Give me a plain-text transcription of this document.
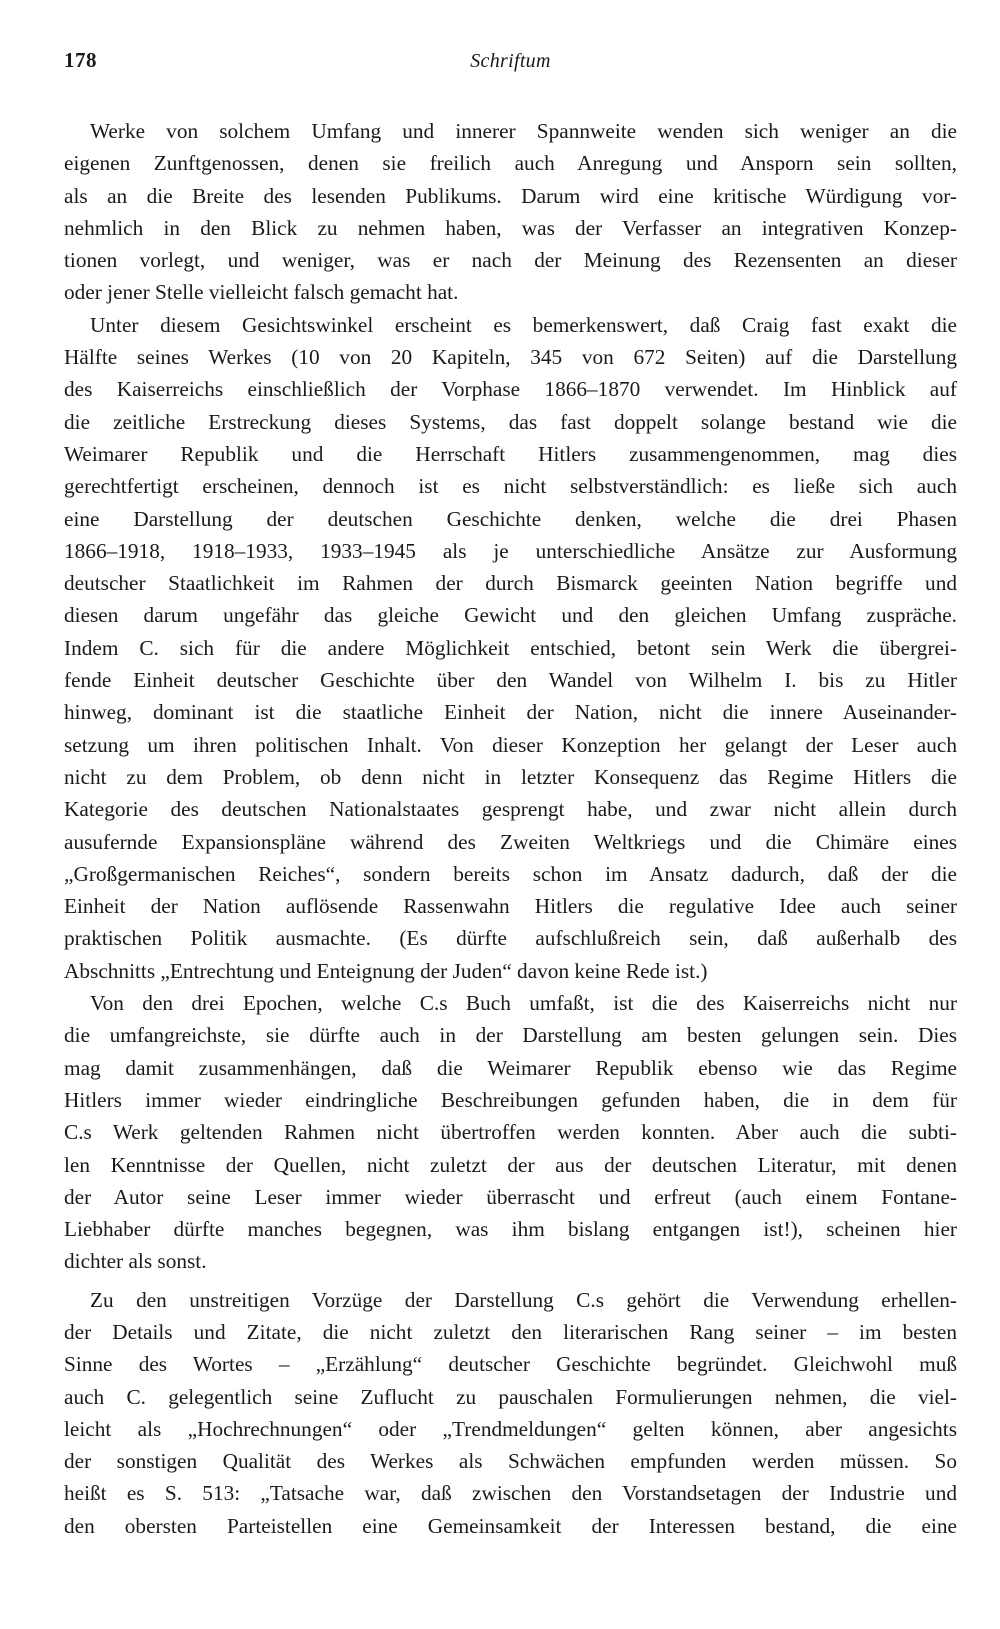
178	Schriftum
Werke von solchem Umfang und innerer Spannweite wenden sich weniger an die
eigenen Zunftgenossen, denen sie freilich auch Anregung und Ansporn sein sollten,
als an die Breite des lesenden Publikums. Darum wird eine kritische Würdigung vor-
nehmlich in den Blick zu nehmen haben, was der Verfasser an integrativen Konzep-
tionen vorlegt, und weniger, was er nach der Meinung des Rezensenten an dieser
oder jener Stelle vielleicht falsch gemacht hat.
Unter diesem Gesichtswinkel erscheint es bemerkenswert, daß Craig fast exakt die
Hälfte seines Werkes (10 von 20 Kapiteln, 345 von 672 Seiten) auf die Darstellung
des Kaiserreichs einschließlich der Vorphase 1866–1870 verwendet. Im Hinblick auf
die zeitliche Erstreckung dieses Systems, das fast doppelt solange bestand wie die
Weimarer Republik und die Herrschaft Hitlers zusammengenommen, mag dies
gerechtfertigt erscheinen, dennoch ist es nicht selbstverständlich: es ließe sich auch
eine Darstellung der deutschen Geschichte denken, welche die drei Phasen
1866–1918, 1918–1933, 1933–1945 als je unterschiedliche Ansätze zur Ausformung
deutscher Staatlichkeit im Rahmen der durch Bismarck geeinten Nation begriffe und
diesen darum ungefähr das gleiche Gewicht und den gleichen Umfang zuspräche.
Indem C. sich für die andere Möglichkeit entschied, betont sein Werk die übergrei-
fende Einheit deutscher Geschichte über den Wandel von Wilhelm I. bis zu Hitler
hinweg, dominant ist die staatliche Einheit der Nation, nicht die innere Auseinander-
setzung um ihren politischen Inhalt. Von dieser Konzeption her gelangt der Leser auch
nicht zu dem Problem, ob denn nicht in letzter Konsequenz das Regime Hitlers die
Kategorie des deutschen Nationalstaates gesprengt habe, und zwar nicht allein durch
ausufernde Expansionspläne während des Zweiten Weltkriegs und die Chimäre eines
„Großgermanischen Reiches“, sondern bereits schon im Ansatz dadurch, daß der die
Einheit der Nation auflösende Rassenwahn Hitlers die regulative Idee auch seiner
praktischen Politik ausmachte. (Es dürfte aufschlußreich sein, daß außerhalb des
Abschnitts „Entrechtung und Enteignung der Juden“ davon keine Rede ist.)
Von den drei Epochen, welche C.s Buch umfaßt, ist die des Kaiserreichs nicht nur
die umfangreichste, sie dürfte auch in der Darstellung am besten gelungen sein. Dies
mag damit zusammenhängen, daß die Weimarer Republik ebenso wie das Regime
Hitlers immer wieder eindringliche Beschreibungen gefunden haben, die in dem für
C.s Werk geltenden Rahmen nicht übertroffen werden konnten. Aber auch die subti-
len Kenntnisse der Quellen, nicht zuletzt der aus der deutschen Literatur, mit denen
der Autor seine Leser immer wieder überrascht und erfreut (auch einem Fontane-
Liebhaber dürfte manches begegnen, was ihm bislang entgangen ist!), scheinen hier
dichter als sonst.
Zu den unstreitigen Vorzüge der Darstellung C.s gehört die Verwendung erhellen-
der Details und Zitate, die nicht zuletzt den literarischen Rang seiner – im besten
Sinne des Wortes – „Erzählung“ deutscher Geschichte begründet. Gleichwohl muß
auch C. gelegentlich seine Zuflucht zu pauschalen Formulierungen nehmen, die viel-
leicht als „Hochrechnungen“ oder „Trendmeldungen“ gelten können, aber angesichts
der sonstigen Qualität des Werkes als Schwächen empfunden werden müssen. So
heißt es S. 513: „Tatsache war, daß zwischen den Vorstandsetagen der Industrie und
den obersten Parteistellen eine Gemeinsamkeit der Interessen bestand, die eine
